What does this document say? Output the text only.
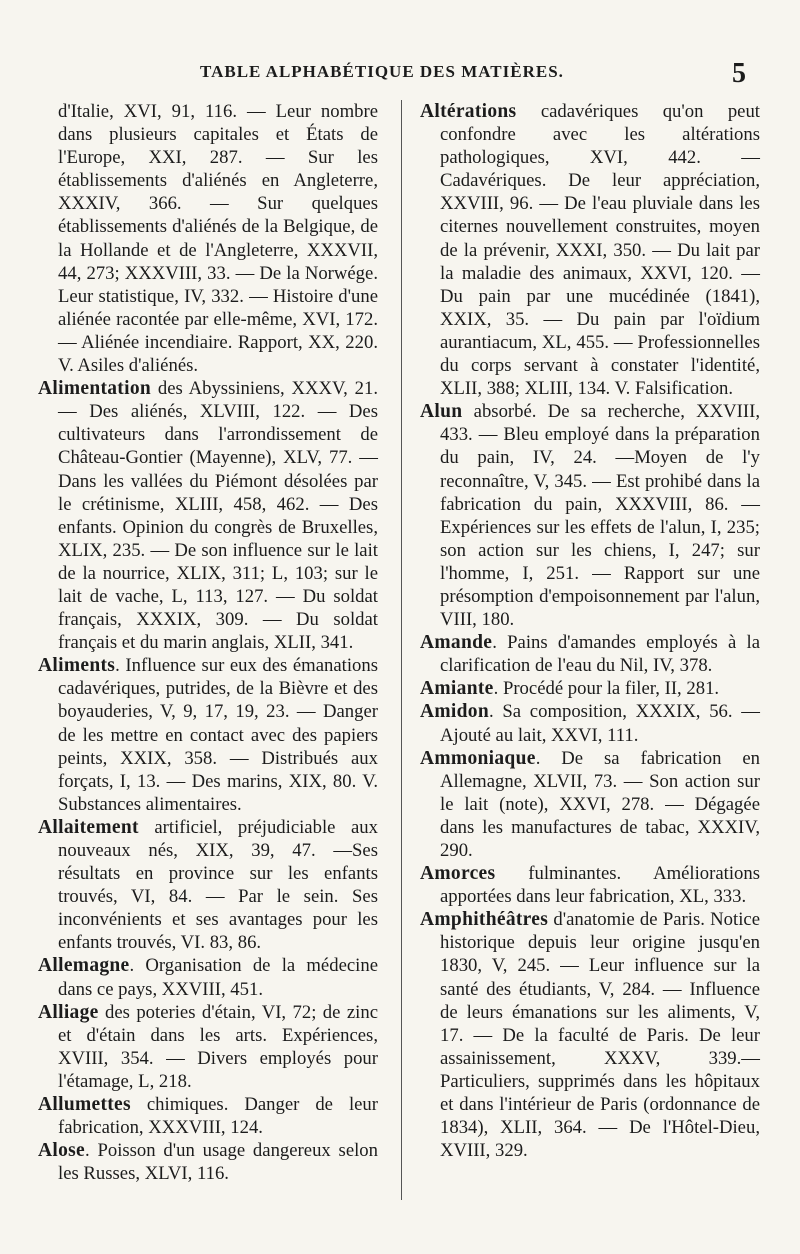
TABLE ALPHABÉTIQUE DES MATIÈRES.	5

d'Italie, XVI, 91, 116. — Leur nombre dans plusieurs capitales et États de l'Europe, XXI, 287. — Sur les établissements d'aliénés en Angleterre, XXXIV, 366. — Sur quelques établissements d'aliénés de la Belgique, de la Hollande et de l'Angleterre, XXXVII, 44, 273; XXXVIII, 33. — De la Norwége. Leur statistique, IV, 332. — Histoire d'une aliénée racontée par elle-même, XVI, 172. — Aliénée incendiaire. Rapport, XX, 220. V. Asiles d'aliénés.

Alimentation des Abyssiniens, XXXV, 21.— Des aliénés, XLVIII, 122. — Des cultivateurs dans l'arrondissement de Château-Gontier (Mayenne), XLV, 77. — Dans les vallées du Piémont désolées par le crétinisme, XLIII, 458, 462. — Des enfants. Opinion du congrès de Bruxelles, XLIX, 235. — De son influence sur le lait de la nourrice, XLIX, 311; L, 103; sur le lait de vache, L, 113, 127. — Du soldat français, XXXIX, 309. — Du soldat français et du marin anglais, XLII, 341.

Aliments. Influence sur eux des émanations cadavériques, putrides, de la Bièvre et des boyauderies, V, 9, 17, 19, 23. — Danger de les mettre en contact avec des papiers peints, XXIX, 358. — Distribués aux forçats, I, 13. — Des marins, XIX, 80. V. Substances alimentaires.

Allaitement artificiel, préjudiciable aux nouveaux nés, XIX, 39, 47. —Ses résultats en province sur les enfants trouvés, VI, 84. — Par le sein. Ses inconvénients et ses avantages pour les enfants trouvés, VI. 83, 86.

Allemagne. Organisation de la médecine dans ce pays, XXVIII, 451.

Alliage des poteries d'étain, VI, 72; de zinc et d'étain dans les arts. Expériences, XVIII, 354. — Divers employés pour l'étamage, L, 218.

Allumettes chimiques. Danger de leur fabrication, XXXVIII, 124.

Alose. Poisson d'un usage dangereux selon les Russes, XLVI, 116.

Altérations cadavériques qu'on peut confondre avec les altérations pathologiques, XVI, 442. — Cadavériques. De leur appréciation, XXVIII, 96. — De l'eau pluviale dans les citernes nouvellement construites, moyen de la prévenir, XXXI, 350. — Du lait par la maladie des animaux, XXVI, 120. — Du pain par une mucédinée (1841), XXIX, 35. — Du pain par l'oïdium aurantiacum, XL, 455. — Professionnelles du corps servant à constater l'identité, XLII, 388; XLIII, 134. V. Falsification.

Alun absorbé. De sa recherche, XXVIII, 433. — Bleu employé dans la préparation du pain, IV, 24. —Moyen de l'y reconnaître, V, 345. — Est prohibé dans la fabrication du pain, XXXVIII, 86. — Expériences sur les effets de l'alun, I, 235; son action sur les chiens, I, 247; sur l'homme, I, 251. — Rapport sur une présomption d'empoisonnement par l'alun, VIII, 180.

Amande. Pains d'amandes employés à la clarification de l'eau du Nil, IV, 378.

Amiante. Procédé pour la filer, II, 281.

Amidon. Sa composition, XXXIX, 56. — Ajouté au lait, XXVI, 111.

Ammoniaque. De sa fabrication en Allemagne, XLVII, 73. — Son action sur le lait (note), XXVI, 278. — Dégagée dans les manufactures de tabac, XXXIV, 290.

Amorces fulminantes. Améliorations apportées dans leur fabrication, XL, 333.

Amphithéâtres d'anatomie de Paris. Notice historique depuis leur origine jusqu'en 1830, V, 245. — Leur influence sur la santé des étudiants, V, 284. — Influence de leurs émanations sur les aliments, V, 17. — De la faculté de Paris. De leur assainissement, XXXV, 339.— Particuliers, supprimés dans les hôpitaux et dans l'intérieur de Paris (ordonnance de 1834), XLII, 364. — De l'Hôtel-Dieu, XVIII, 329.
